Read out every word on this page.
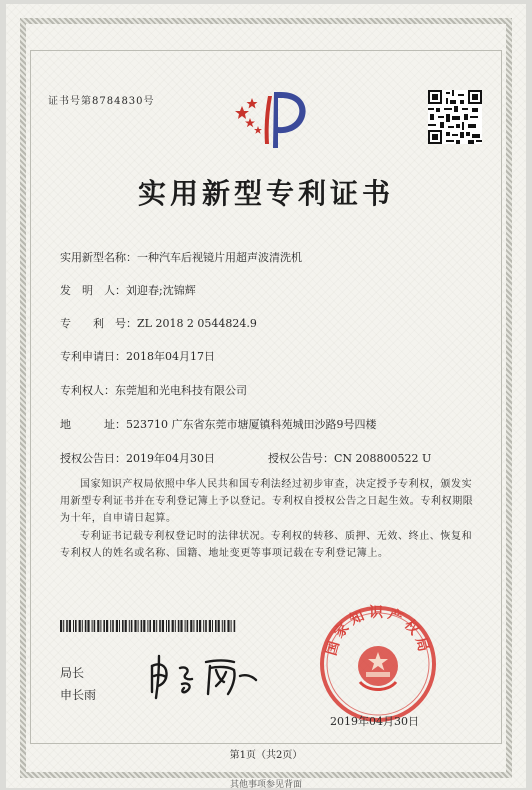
证书号第8784830号
实用新型专利证书
实用新型名称：一种汽车后视镜片用超声波清洗机
发　明　人：刘迎春;沈锦辉
专　　利　号：ZL 2018 2 0544824.9
专利申请日：2018年04月17日
专利权人：东莞旭和光电科技有限公司
地　　　址：523710 广东省东莞市塘厦镇科苑城田沙路9号四楼
授权公告日：2019年04月30日	授权公告号：CN 208800522 U
国家知识产权局依照中华人民共和国专利法经过初步审查，决定授予专利权，颁发实用新型专利证书并在专利登记簿上予以登记。专利权自授权公告之日起生效。专利权期限为十年，自申请日起算。
专利证书记载专利权登记时的法律状况。专利权的转移、质押、无效、终止、恢复和专利权人的姓名或名称、国籍、地址变更等事项记载在专利登记簿上。
局长
申长雨
国家知识产权局
2019年04月30日
第1页（共2页）
其他事项参见背面
